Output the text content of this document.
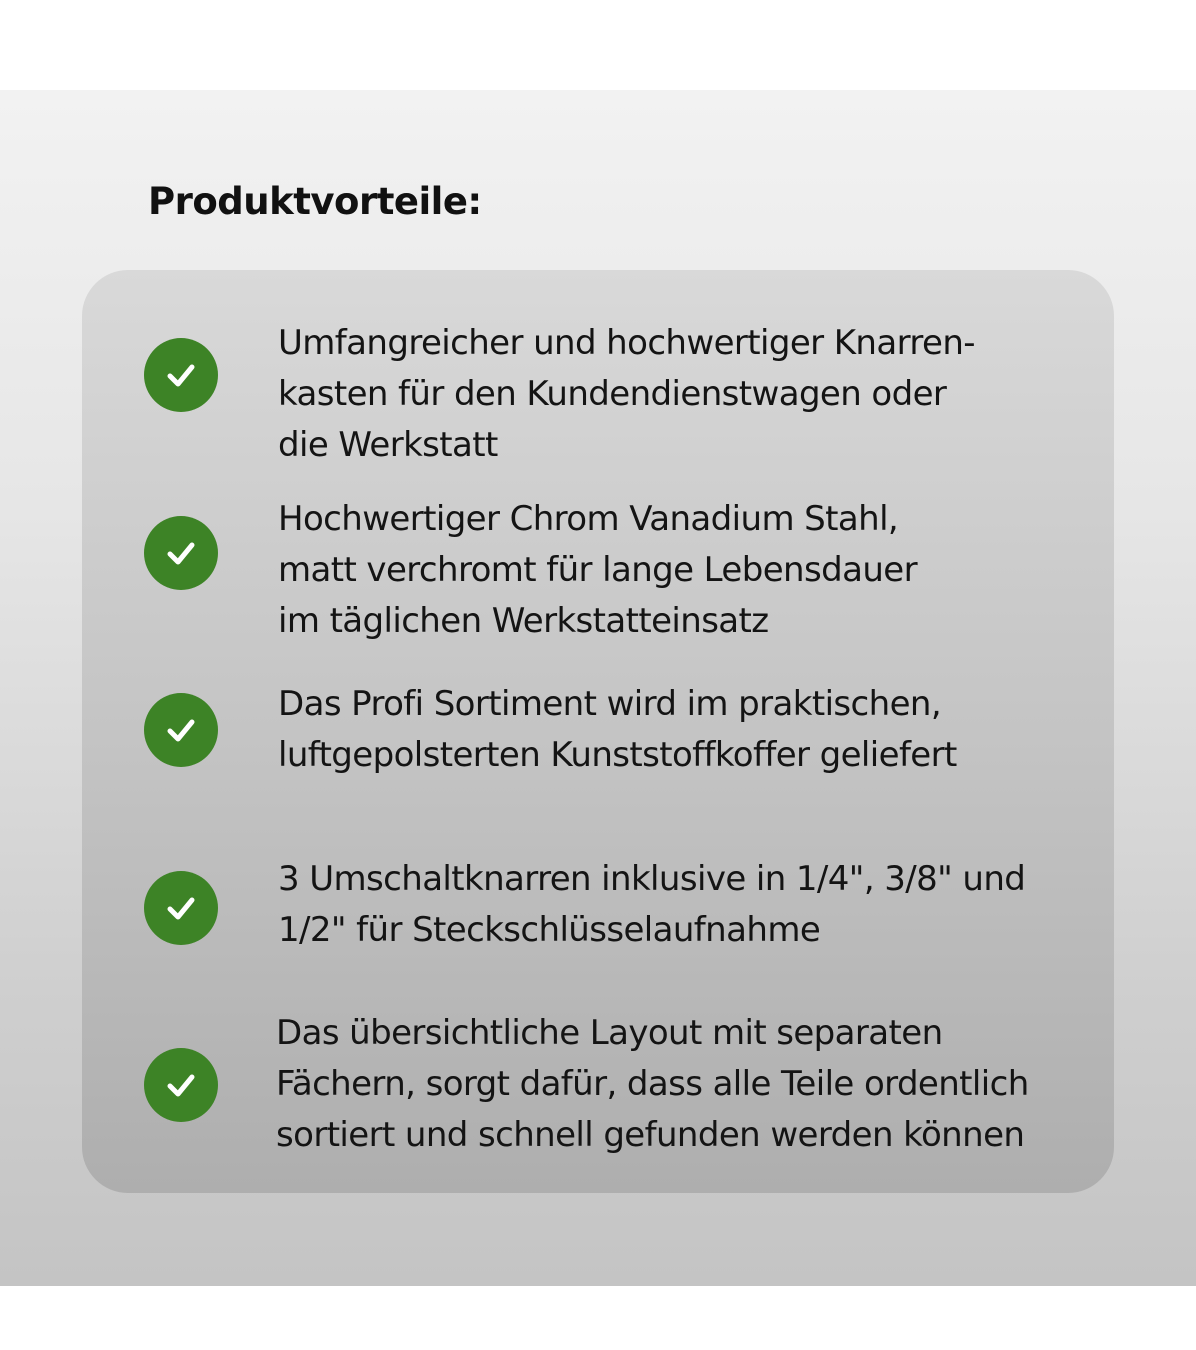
Produktvorteile:

Umfangreicher und hochwertiger Knarren-
kasten für den Kundendienstwagen oder
die Werkstatt

Hochwertiger Chrom Vanadium Stahl,
matt verchromt für lange Lebensdauer
im täglichen Werkstatteinsatz

Das Profi Sortiment wird im praktischen,
luftgepolsterten Kunststoffkoffer geliefert

3 Umschaltknarren inklusive in 1/4", 3/8" und
1/2" für Steckschlüsselaufnahme

Das übersichtliche Layout mit separaten
Fächern, sorgt dafür, dass alle Teile ordentlich
sortiert und schnell gefunden werden können
